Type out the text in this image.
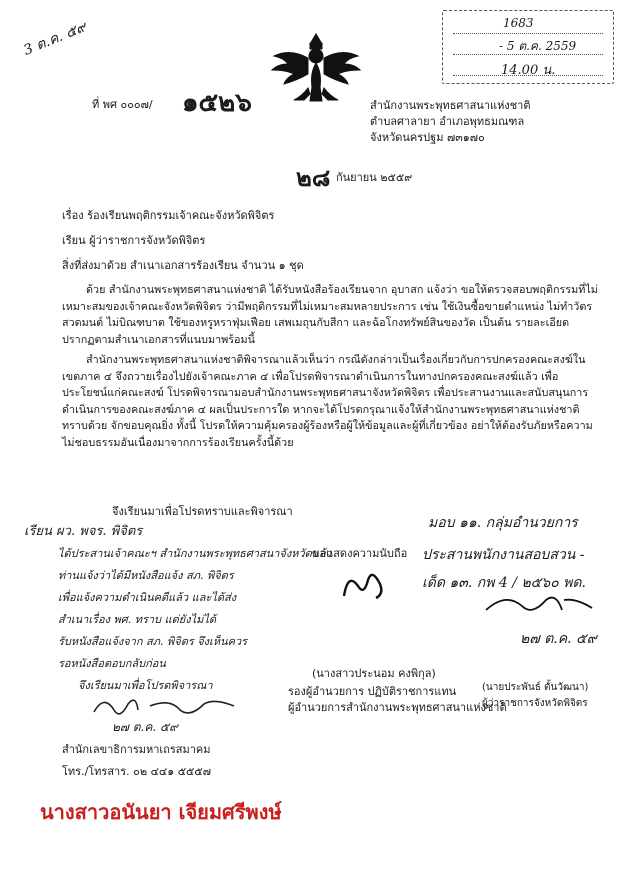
3 ต.ค. ๕๙	1683
- 5 ต.ค. 2559
14.00 น.
ที่ พศ ๐๐๐๗/ ๑๕๒๖	สำนักงานพระพุทธศาสนาแห่งชาติ
ตำบลศาลายา อำเภอพุทธมณฑล
จังหวัดนครปฐม ๗๓๑๗๐
๒๘ กันยายน ๒๕๕๙
เรื่อง ร้องเรียนพฤติกรรมเจ้าคณะจังหวัดพิจิตร
เรียน ผู้ว่าราชการจังหวัดพิจิตร
สิ่งที่ส่งมาด้วย สำเนาเอกสารร้องเรียน จำนวน ๑ ชุด
ด้วย สำนักงานพระพุทธศาสนาแห่งชาติ ได้รับหนังสือร้องเรียนจาก อุบาสก แจ้งว่า ขอให้ตรวจสอบพฤติกรรมที่ไม่เหมาะสมของเจ้าคณะจังหวัดพิจิตร ว่ามีพฤติกรรมที่ไม่เหมาะสมหลายประการ เช่น ใช้เงินซื้อขายตำแหน่ง ไม่ทำวัตรสวดมนต์ ไม่บิณฑบาต ใช้ของหรูหราฟุ่มเฟือย เสพเมถุนกับสีกา และฉ้อโกงทรัพย์สินของวัด เป็นต้น รายละเอียดปรากฏตามสำเนาเอกสารที่แนบมาพร้อมนี้
สำนักงานพระพุทธศาสนาแห่งชาติพิจารณาแล้วเห็นว่า กรณีดังกล่าวเป็นเรื่องเกี่ยวกับการปกครองคณะสงฆ์ในเขตภาค ๔ จึงถวายเรื่องไปยังเจ้าคณะภาค ๔ เพื่อโปรดพิจารณาดำเนินการในทางปกครองคณะสงฆ์แล้ว เพื่อประโยชน์แก่คณะสงฆ์ โปรดพิจารณามอบสำนักงานพระพุทธศาสนาจังหวัดพิจิตร เพื่อประสานงานและสนับสนุนการดำเนินการของคณะสงฆ์ภาค ๔ ผลเป็นประการใด หากจะได้โปรดกรุณาแจ้งให้สำนักงานพระพุทธศาสนาแห่งชาติทราบด้วย จักขอบคุณยิ่ง ทั้งนี้ โปรดให้ความคุ้มครองผู้ร้องหรือผู้ให้ข้อมูลและผู้ที่เกี่ยวข้อง อย่าให้ต้องรับภัยหรือความไม่ชอบธรรมอันเนื่องมาจากการร้องเรียนครั้งนี้ด้วย
จึงเรียนมาเพื่อโปรดทราบและพิจารณา
เรียน ผว. พจร. พิจิตร
ได้ประสานเจ้าคณะฯ สำนักงานพระพุทธศาสนาจังหวัดแล้ว
ท่านแจ้งว่าได้มีหนังสือแจ้ง สภ. พิจิตร
เพื่อแจ้งความดำเนินคดีแล้ว และได้ส่ง
สำเนาเรื่อง พศ. ทราบ แต่ยังไม่ได้
รับหนังสือแจ้งจาก สภ. พิจิตร จึงเห็นควร
รอหนังสือตอบกลับก่อน
จึงเรียนมาเพื่อโปรดพิจารณา
๒๗ ต.ค. ๕๙
สำนักเลขาธิการมหาเถรสมาคม
โทร./โทรสาร. ๐๒ ๔๔๑ ๕๕๕๗
ขอแสดงความนับถือ
มอบ ๑๑. กลุ่มอำนวยการ
ประสานพนักงานสอบสวน -
เด็ด ๑๓. กพ 4 / ๒๕๖๐ พด.
๒๗ ต.ค. ๕๙
(นางสาวประนอม คงพิกุล)
รองผู้อำนวยการ ปฏิบัติราชการแทน
ผู้อำนวยการสำนักงานพระพุทธศาสนาแห่งชาติ
(นายประพันธ์ ตั้นวัฒนา)
ผู้ว่าราชการจังหวัดพิจิตร
นางสาวอนันยา เจียมศรีพงษ์
